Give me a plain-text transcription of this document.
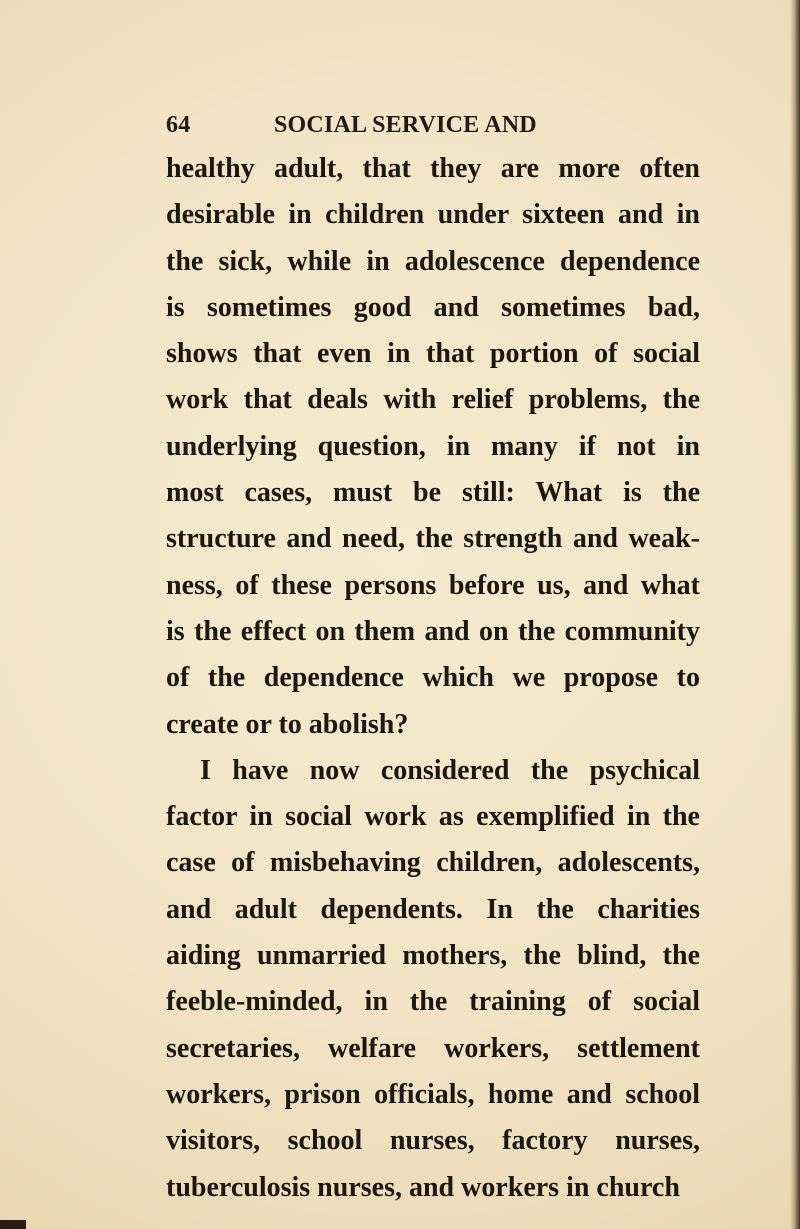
64	SOCIAL SERVICE AND
healthy adult, that they are more often
desirable in children under sixteen and in
the sick, while in adolescence dependence
is sometimes good and sometimes bad,
shows that even in that portion of social
work that deals with relief problems, the
underlying question, in many if not in
most cases, must be still: What is the
structure and need, the strength and weak-
ness, of these persons before us, and what
is the effect on them and on the community
of the dependence which we propose to
create or to abolish?
I have now considered the psychical
factor in social work as exemplified in the
case of misbehaving children, adolescents,
and adult dependents. In the charities
aiding unmarried mothers, the blind, the
feeble-minded, in the training of social
secretaries, welfare workers, settlement
workers, prison officials, home and school
visitors, school nurses, factory nurses,
tuberculosis nurses, and workers in church
